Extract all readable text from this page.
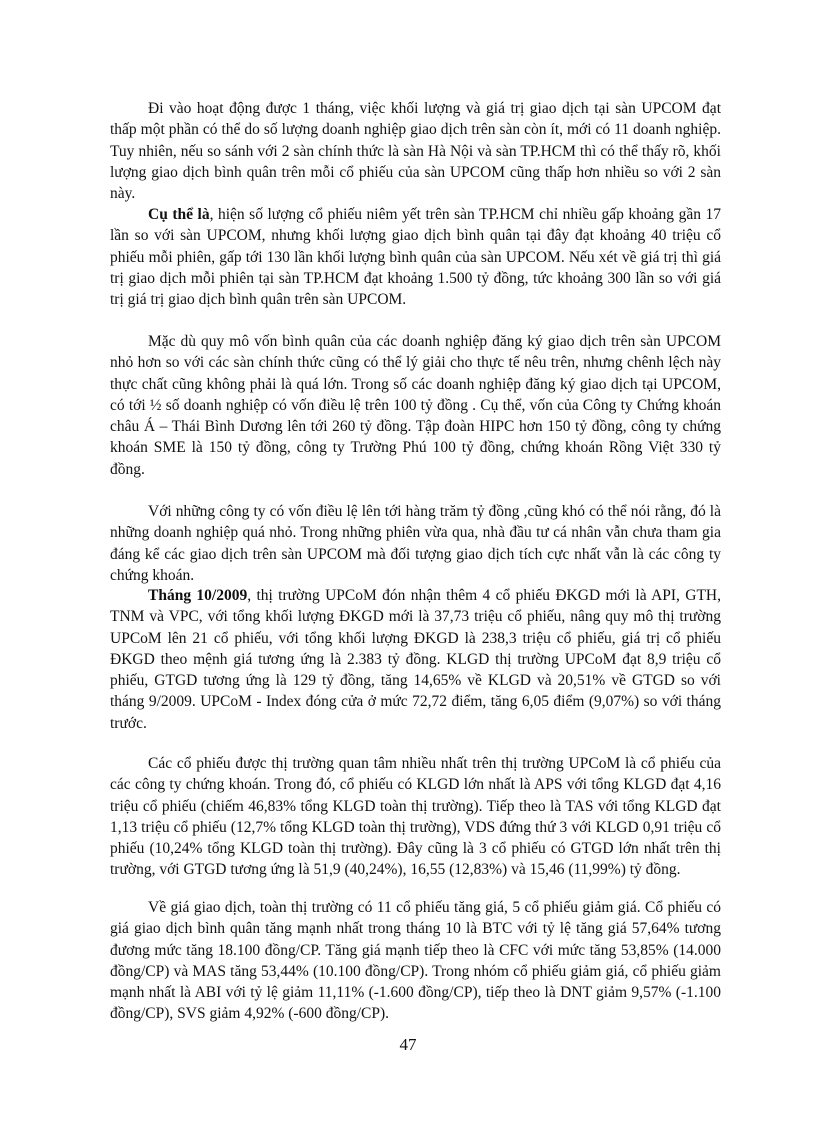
Đi vào hoạt động được 1 tháng, việc khối lượng và giá trị giao dịch tại sàn UPCOM đạt thấp một phần có thể do số lượng doanh nghiệp giao dịch trên sàn còn ít, mới có 11 doanh nghiệp. Tuy nhiên, nếu so sánh với 2 sàn chính thức là sàn Hà Nội và sàn TP.HCM thì có thể thấy rõ, khối lượng giao dịch bình quân trên mỗi cổ phiếu của sàn UPCOM cũng thấp hơn nhiều so với 2 sàn này.

Cụ thể là, hiện số lượng cổ phiếu niêm yết trên sàn TP.HCM chỉ nhiều gấp khoảng gần 17 lần so với sàn UPCOM, nhưng khối lượng giao dịch bình quân tại đây đạt khoảng 40 triệu cổ phiếu mỗi phiên, gấp tới 130 lần khối lượng bình quân của sàn UPCOM. Nếu xét về giá trị thì giá trị giao dịch mỗi phiên tại sàn TP.HCM đạt khoảng 1.500 tỷ đồng, tức khoảng 300 lần so với giá trị giá trị giao dịch bình quân trên sàn UPCOM.

Mặc dù quy mô vốn bình quân của các doanh nghiệp đăng ký giao dịch trên sàn UPCOM nhỏ hơn so với các sàn chính thức cũng có thể lý giải cho thực tế nêu trên, nhưng chênh lệch này thực chất cũng không phải là quá lớn. Trong số các doanh nghiệp đăng ký giao dịch tại UPCOM, có tới ½ số doanh nghiệp có vốn điều lệ trên 100 tỷ đồng . Cụ thể, vốn của Công ty Chứng khoán châu Á – Thái Bình Dương lên tới 260 tỷ đồng. Tập đoàn HIPC hơn 150 tỷ đồng, công ty chứng khoán SME là 150 tỷ đồng, công ty Trường Phú 100 tỷ đồng, chứng khoán Rồng Việt 330 tỷ đồng.

Với những công ty có vốn điều lệ lên tới hàng trăm tỷ đồng ,cũng khó có thể nói rằng, đó là những doanh nghiệp quá nhỏ. Trong những phiên vừa qua, nhà đầu tư cá nhân vẫn chưa tham gia đáng kể các giao dịch trên sàn UPCOM mà đối tượng giao dịch tích cực nhất vẫn là các công ty chứng khoán.

Tháng 10/2009, thị trường UPCoM đón nhận thêm 4 cổ phiếu ĐKGD mới là API, GTH, TNM và VPC, với tổng khối lượng ĐKGD mới là 37,73 triệu cổ phiếu, nâng quy mô thị trường UPCoM lên 21 cổ phiếu, với tổng khối lượng ĐKGD là 238,3 triệu cổ phiếu, giá trị cổ phiếu ĐKGD theo mệnh giá tương ứng là 2.383 tỷ đồng. KLGD thị trường UPCoM đạt 8,9 triệu cổ phiếu, GTGD tương ứng là 129 tỷ đồng, tăng 14,65% về KLGD và 20,51% về GTGD so với tháng 9/2009. UPCoM - Index đóng cửa ở mức 72,72 điểm, tăng 6,05 điểm (9,07%) so với tháng trước.

Các cổ phiếu được thị trường quan tâm nhiều nhất trên thị trường UPCoM là cổ phiếu của các công ty chứng khoán. Trong đó, cổ phiếu có KLGD lớn nhất là APS với tổng KLGD đạt 4,16 triệu cổ phiếu (chiếm 46,83% tổng KLGD toàn thị trường). Tiếp theo là TAS với tổng KLGD đạt 1,13 triệu cổ phiếu (12,7% tổng KLGD toàn thị trường), VDS đứng thứ 3 với KLGD 0,91 triệu cổ phiếu (10,24% tổng KLGD toàn thị trường). Đây cũng là 3 cổ phiếu có GTGD lớn nhất trên thị trường, với GTGD tương ứng là 51,9 (40,24%), 16,55 (12,83%) và 15,46 (11,99%) tỷ đồng.

Về giá giao dịch, toàn thị trường có 11 cổ phiếu tăng giá, 5 cổ phiếu giảm giá. Cổ phiếu có giá giao dịch bình quân tăng mạnh nhất trong tháng 10 là BTC với tỷ lệ tăng giá 57,64% tương đương mức tăng 18.100 đồng/CP. Tăng giá mạnh tiếp theo là CFC với mức tăng 53,85% (14.000 đồng/CP) và MAS tăng 53,44% (10.100 đồng/CP). Trong nhóm cổ phiếu giảm giá, cổ phiếu giảm mạnh nhất là ABI với tỷ lệ giảm 11,11% (-1.600 đồng/CP), tiếp theo là DNT giảm 9,57% (-1.100 đồng/CP), SVS giảm 4,92% (-600 đồng/CP).

47
